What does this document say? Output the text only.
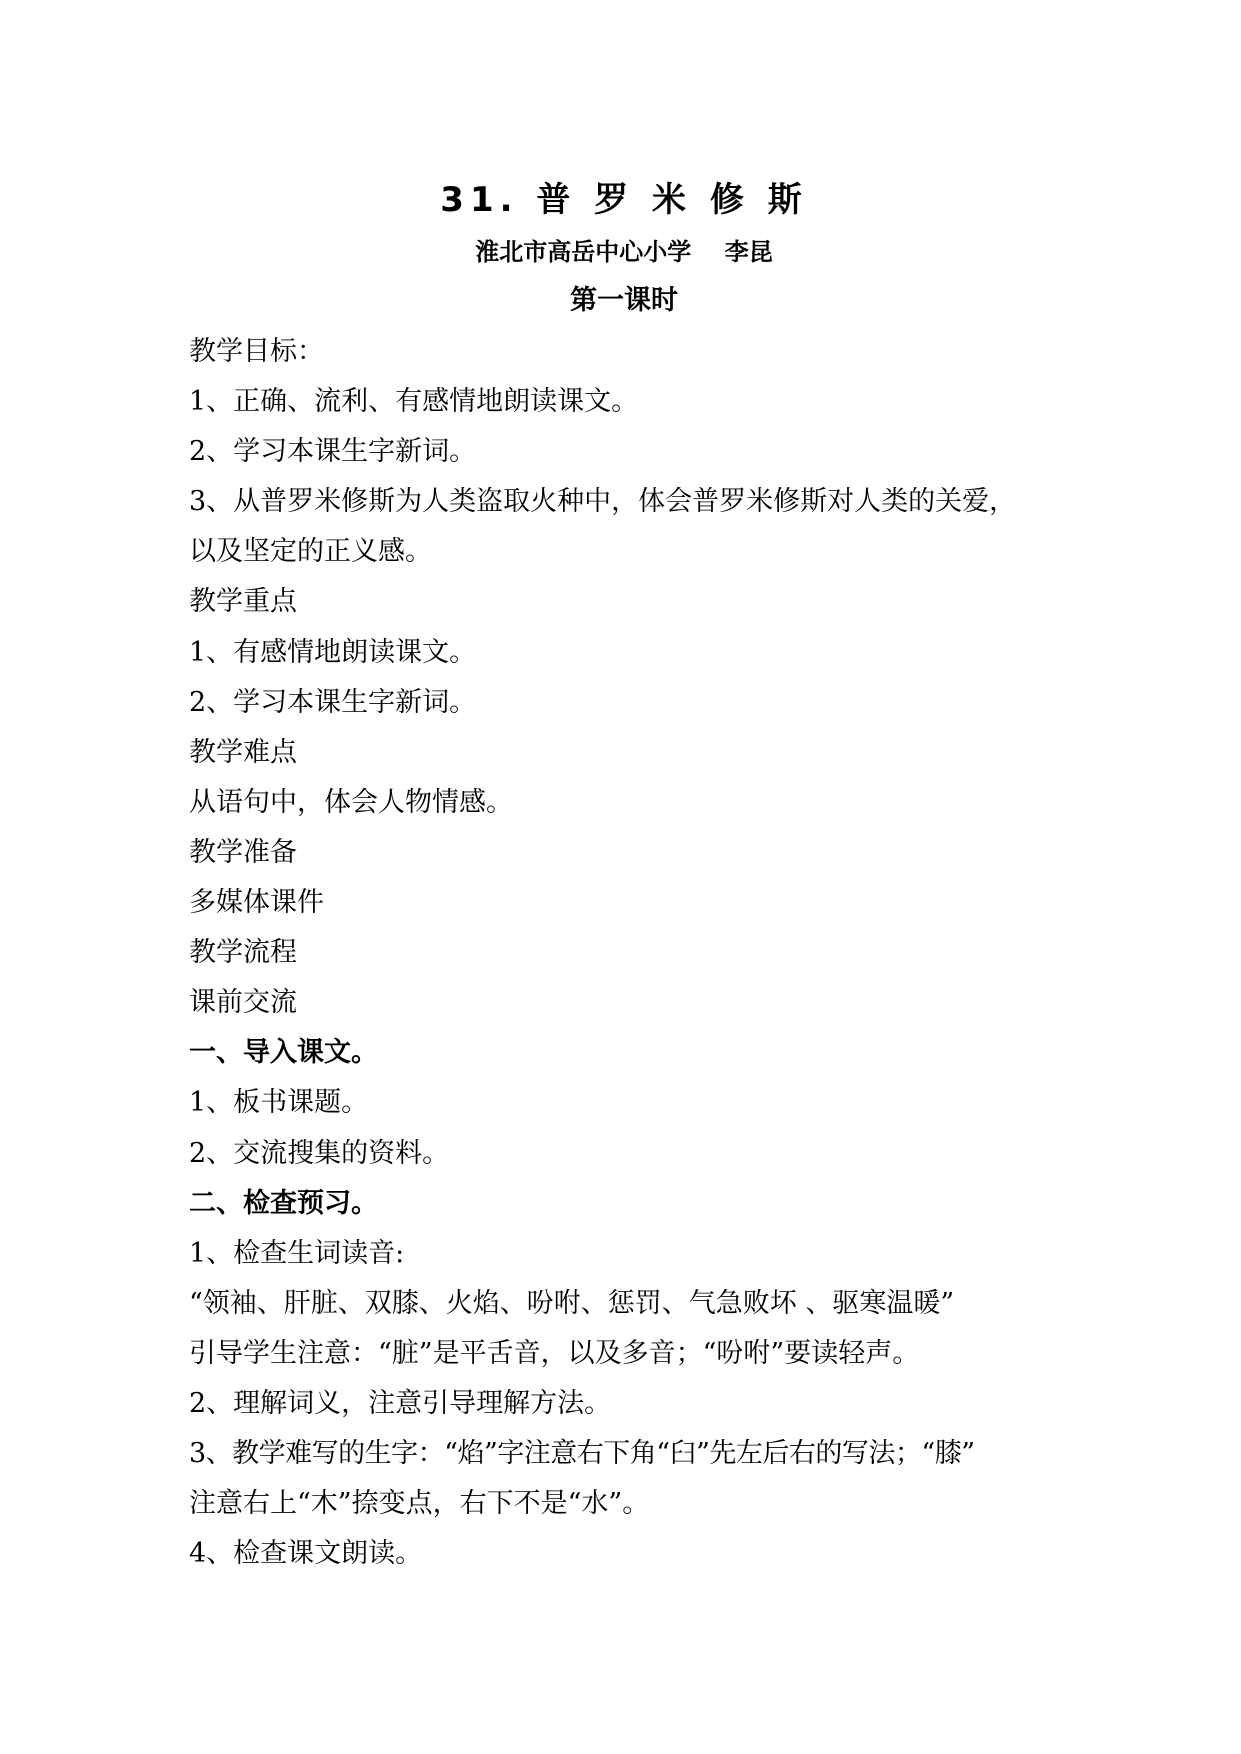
31. 普 罗 米 修 斯
淮北市高岳中心小学    李昆
第一课时
教学目标：
1、正确、流利、有感情地朗读课文。
2、学习本课生字新词。
3、从普罗米修斯为人类盗取火种中，体会普罗米修斯对人类的关爱，
以及坚定的正义感。
教学重点
1、有感情地朗读课文。
2、学习本课生字新词。
教学难点
从语句中，体会人物情感。
教学准备
多媒体课件
教学流程
课前交流
一、导入课文。
1、板书课题。
2、交流搜集的资料。
二、检查预习。
1、检查生词读音:
“领袖、肝脏、双膝、火焰、吩咐、惩罚、气急败坏 、驱寒温暖”
引导学生注意：“脏”是平舌音，以及多音；“吩咐”要读轻声。
2、理解词义，注意引导理解方法。
3、教学难写的生字：“焰”字注意右下角“臼”先左后右的写法；“膝”
注意右上“木”捺变点，右下不是“水”。
4、检查课文朗读。
